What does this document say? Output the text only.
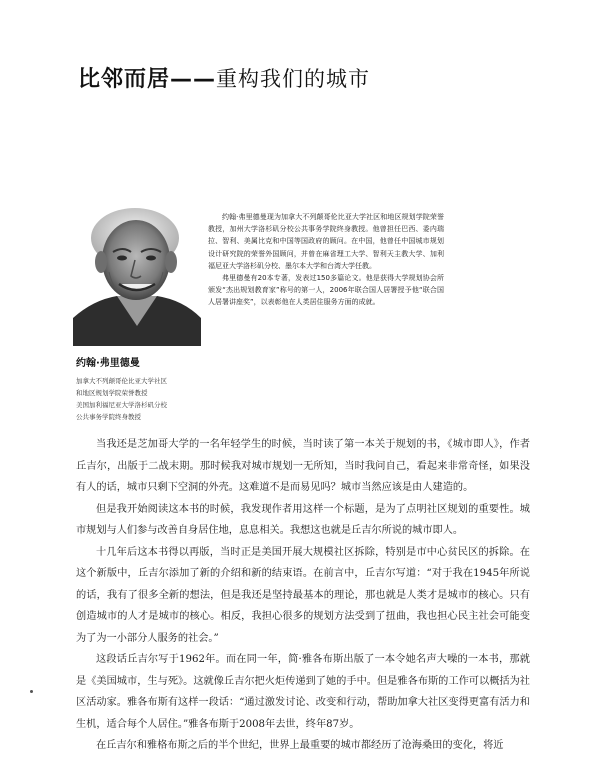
比邻而居——重构我们的城市

约翰·弗里德曼现为加拿大不列颠哥伦比亚大学社区和地区规划学院荣誉教授，加州大学洛杉矶分校公共事务学院终身教授。他曾担任巴西、委内瑞拉、智利、美属比克和中国等国政府的顾问。在中国，他曾任中国城市规划设计研究院的荣誉外国顾问，并曾在麻省理工大学、智利天主教大学、加利福尼亚大学洛杉矶分校、墨尔本大学和台湾大学任教。

弗里德曼有20本专著，发表过150多篇论文。他是获得大学规划协会所颁发“杰出规划教育家”称号的第一人，2006年联合国人居署授予他“联合国人居署讲座奖”，以表彰他在人类居住服务方面的成就。

约翰·弗里德曼
加拿大不列颠哥伦比亚大学社区
和地区规划学院荣誉教授
美国加利福尼亚大学洛杉矶分校
公共事务学院终身教授

当我还是芝加哥大学的一名年轻学生的时候，当时读了第一本关于规划的书，《城市即人》，作者丘吉尔，出版于二战末期。那时候我对城市规划一无所知，当时我问自己，看起来非常奇怪，如果没有人的话，城市只剩下空洞的外壳。这难道不是而易见吗？城市当然应该是由人建造的。

但是我开始阅读这本书的时候，我发现作者用这样一个标题，是为了点明社区规划的重要性。城市规划与人们参与改善自身居住地，息息相关。我想这也就是丘吉尔所说的城市即人。

十几年后这本书得以再版，当时正是美国开展大规模社区拆除，特别是市中心贫民区的拆除。在这个新版中，丘吉尔添加了新的介绍和新的结束语。在前言中，丘吉尔写道：“对于我在1945年所说的话，我有了很多全新的想法，但是我还是坚持最基本的理论，那也就是人类才是城市的核心。只有创造城市的人才是城市的核心。相反，我担心很多的规划方法受到了扭曲，我也担心民主社会可能变为了为一小部分人服务的社会。”

这段话丘吉尔写于1962年。而在同一年，简·雅各布斯出版了一本令她名声大噪的一本书，那就是《美国城市，生与死》。这就像丘吉尔把火炬传递到了她的手中。但是雅各布斯的工作可以概括为社区活动家。雅各布斯有这样一段话：“通过激发讨论、改变和行动，帮助加拿大社区变得更富有活力和生机，适合每个人居住。”雅各布斯于2008年去世，终年87岁。

在丘吉尔和雅格布斯之后的半个世纪，世界上最重要的城市都经历了沧海桑田的变化，将近
